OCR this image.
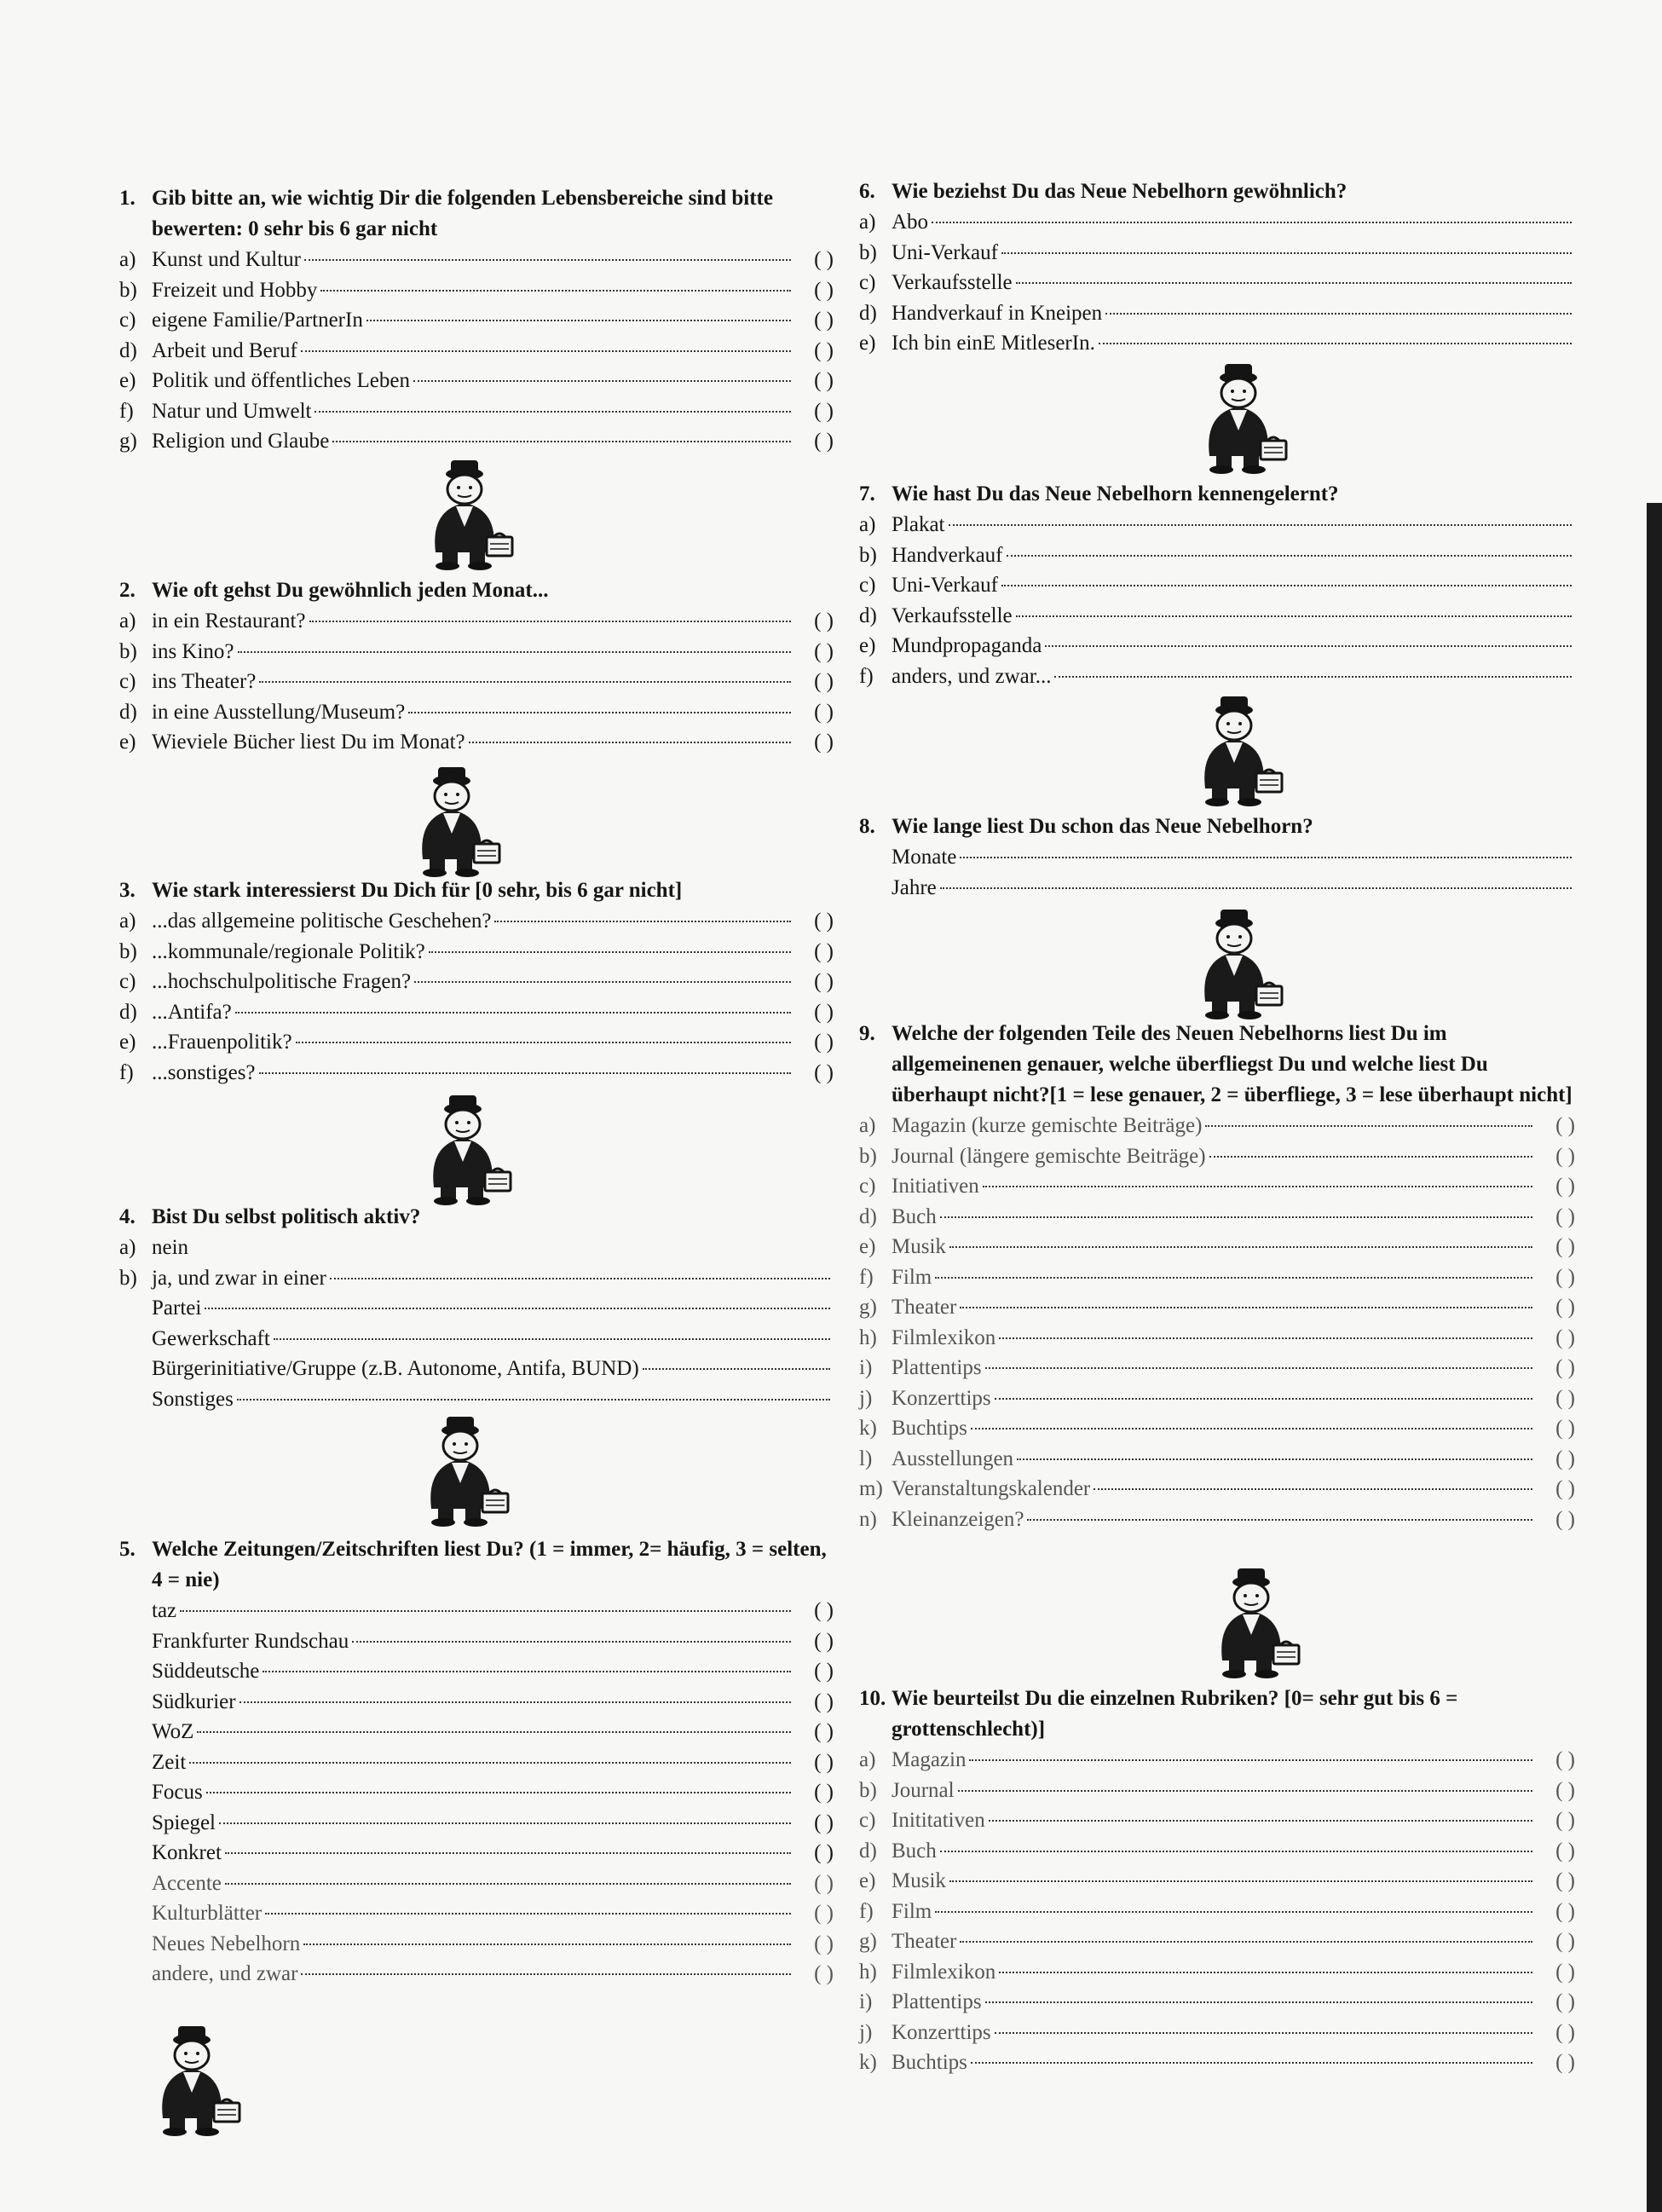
1. Gib bitte an, wie wichtig Dir die folgenden Lebensbereiche sind bitte bewerten: 0 sehr bis 6 gar nicht
a) Kunst und Kultur	( )
b) Freizeit und Hobby	( )
c) eigene Familie/PartnerIn	( )
d) Arbeit und Beruf	( )
e) Politik und öffentliches Leben	( )
f) Natur und Umwelt	( )
g) Religion und Glaube	( )
2. Wie oft gehst Du gewöhnlich jeden Monat...
a) in ein Restaurant?	( )
b) ins Kino?	( )
c) ins Theater?	( )
d) in eine Ausstellung/Museum?	( )
e) Wieviele Bücher liest Du im Monat?	( )
3. Wie stark interessierst Du Dich für [0 sehr, bis 6 gar nicht]
a) ...das allgemeine politische Geschehen?	( )
b) ...kommunale/regionale Politik?	( )
c) ...hochschulpolitische Fragen?	( )
d) ...Antifa?	( )
e) ...Frauenpolitik?	( )
f) ...sonstiges?	( )
4. Bist Du selbst politisch aktiv?
a) nein
b) ja, und zwar in einer
Partei
Gewerkschaft
Bürgerinitiative/Gruppe (z.B. Autonome, Antifa, BUND)
Sonstiges
5. Welche Zeitungen/Zeitschriften liest Du? (1 = immer, 2= häufig, 3 = selten, 4 = nie)
taz	( )
Frankfurter Rundschau	( )
Süddeutsche	( )
Südkurier	( )
WoZ	( )
Zeit	( )
Focus	( )
Spiegel	( )
Konkret	( )
Accente	( )
Kulturblätter	( )
Neues Nebelhorn	( )
andere, und zwar	( )
6. Wie beziehst Du das Neue Nebelhorn gewöhnlich?
a) Abo
b) Uni-Verkauf
c) Verkaufsstelle
d) Handverkauf in Kneipen
e) Ich bin einE MitleserIn.
7. Wie hast Du das Neue Nebelhorn kennengelernt?
a) Plakat
b) Handverkauf
c) Uni-Verkauf
d) Verkaufsstelle
e) Mundpropaganda
f) anders, und zwar...
8. Wie lange liest Du schon das Neue Nebelhorn?
Monate
Jahre
9. Welche der folgenden Teile des Neuen Nebelhorns liest Du im allgemeinenen genauer, welche überfliegst Du und welche liest Du überhaupt nicht?[1 = lese genauer, 2 = überfliege, 3 = lese überhaupt nicht]
a) Magazin (kurze gemischte Beiträge)	( )
b) Journal (längere gemischte Beiträge)	( )
c) Initiativen	( )
d) Buch	( )
e) Musik	( )
f) Film	( )
g) Theater	( )
h) Filmlexikon	( )
i) Plattentips	( )
j) Konzerttips	( )
k) Buchtips	( )
l) Ausstellungen	( )
m) Veranstaltungskalender	( )
n) Kleinanzeigen?	( )
10. Wie beurteilst Du die einzelnen Rubriken? [0= sehr gut bis 6 = grottenschlecht)]
a) Magazin	( )
b) Journal	( )
c) Inititativen	( )
d) Buch	( )
e) Musik	( )
f) Film	( )
g) Theater	( )
h) Filmlexikon	( )
i) Plattentips	( )
j) Konzerttips	( )
k) Buchtips	( )
